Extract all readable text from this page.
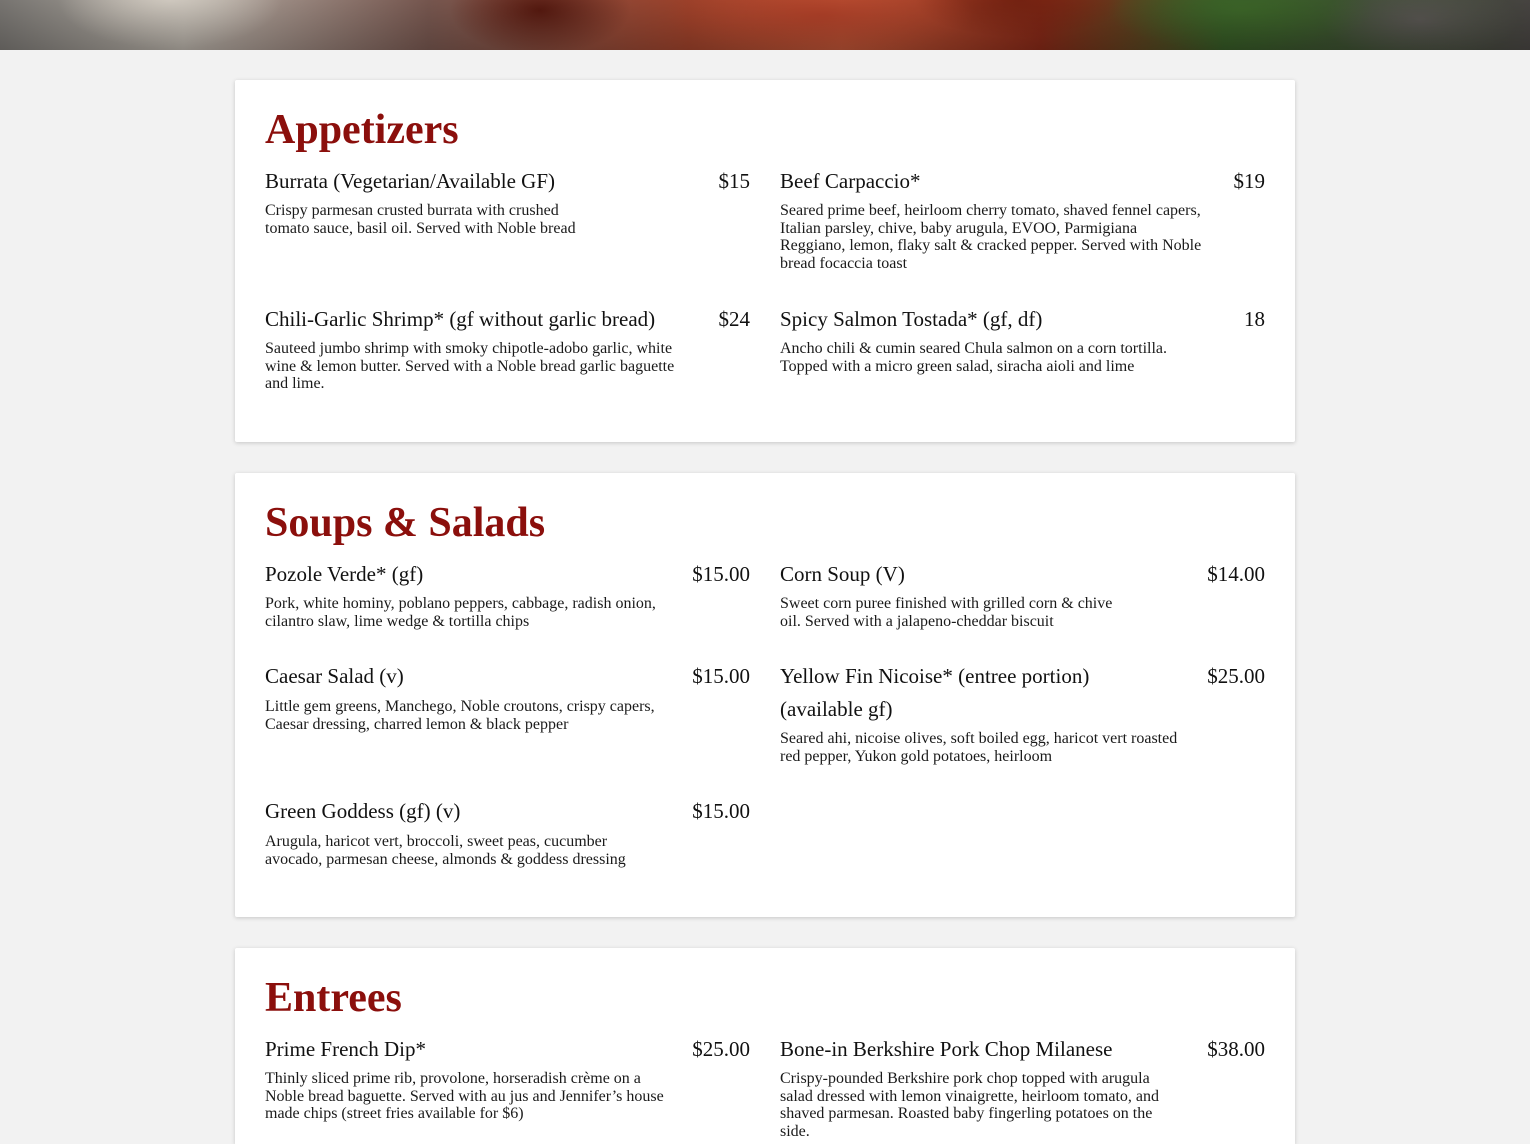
Appetizers
Burrata (Vegetarian/Available GF)	$15
Crispy parmesan crusted burrata with crushed tomato sauce, basil oil. Served with Noble bread
Beef Carpaccio*	$19
Seared prime beef, heirloom cherry tomato, shaved fennel capers, Italian parsley, chive, baby arugula, EVOO, Parmigiana Reggiano, lemon, flaky salt & cracked pepper. Served with Noble bread focaccia toast
Chili-Garlic Shrimp* (gf without garlic bread)	$24
Sauteed jumbo shrimp with smoky chipotle-adobo garlic, white wine & lemon butter. Served with a Noble bread garlic baguette and lime.
Spicy Salmon Tostada* (gf, df)	18
Ancho chili & cumin seared Chula salmon on a corn tortilla. Topped with a micro green salad, siracha aioli and lime
Soups & Salads
Pozole Verde* (gf)	$15.00
Pork, white hominy, poblano peppers, cabbage, radish onion, cilantro slaw, lime wedge & tortilla chips
Corn Soup (V)	$14.00
Sweet corn puree finished with grilled corn & chive oil. Served with a jalapeno-cheddar biscuit
Caesar Salad (v)	$15.00
Little gem greens, Manchego, Noble croutons, crispy capers, Caesar dressing, charred lemon & black pepper
Yellow Fin Nicoise* (entree portion)(available gf)
$25.00
Seared ahi, nicoise olives, soft boiled egg, haricot vert roasted red pepper, Yukon gold potatoes, heirloom
Green Goddess (gf) (v)	$15.00
Arugula, haricot vert, broccoli, sweet peas, cucumber avocado, parmesan cheese, almonds & goddess dressing
Entrees
Prime French Dip*	$25.00
Thinly sliced prime rib, provolone, horseradish crème on a Noble bread baguette. Served with au jus and Jennifer’s house made chips (street fries available for $6)
Bone-in Berkshire Pork Chop Milanese	$38.00
Crispy-pounded Berkshire pork chop topped with arugula salad dressed with lemon vinaigrette, heirloom tomato, and shaved parmesan. Roasted baby fingerling potatoes on the side.
